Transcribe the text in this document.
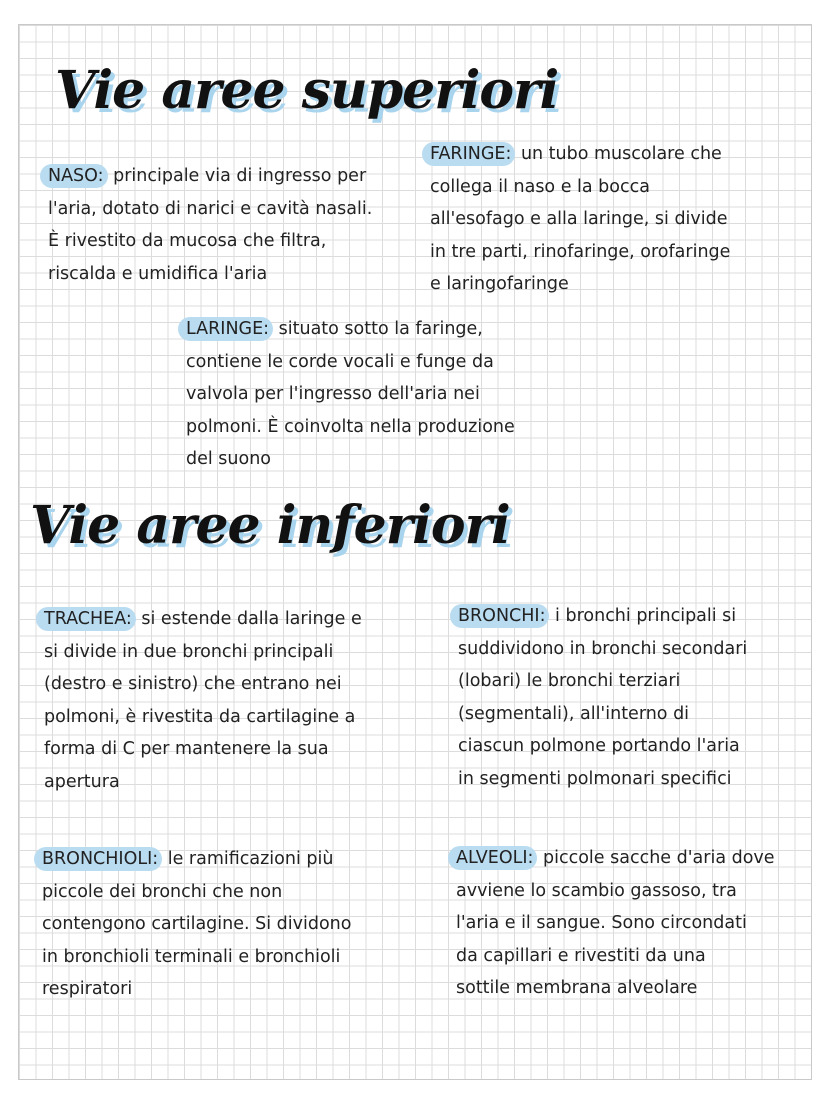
Vie aree superiori
Vie aree inferiori
NASO: principale via di ingresso per
l'aria, dotato di narici e cavità nasali.
È rivestito da mucosa che filtra,
riscalda e umidifica l'aria
FARINGE: un tubo muscolare che
collega il naso e la bocca
all'esofago e alla laringe, si divide
in tre parti, rinofaringe, orofaringe
e laringofaringe
LARINGE: situato sotto la faringe,
contiene le corde vocali e funge da
valvola per l'ingresso dell'aria nei
polmoni. È coinvolta nella produzione
del suono
TRACHEA: si estende dalla laringe e
si divide in due bronchi principali
(destro e sinistro) che entrano nei
polmoni, è rivestita da cartilagine a
forma di C per mantenere la sua
apertura
BRONCHI: i bronchi principali si
suddividono in bronchi secondari
(lobari) le bronchi terziari
(segmentali), all'interno di
ciascun polmone portando l'aria
in segmenti polmonari specifici
BRONCHIOLI: le ramificazioni più
piccole dei bronchi che non
contengono cartilagine. Si dividono
in bronchioli terminali e bronchioli
respiratori
ALVEOLI: piccole sacche d'aria dove
avviene lo scambio gassoso, tra
l'aria e il sangue. Sono circondati
da capillari e rivestiti da una
sottile membrana alveolare
